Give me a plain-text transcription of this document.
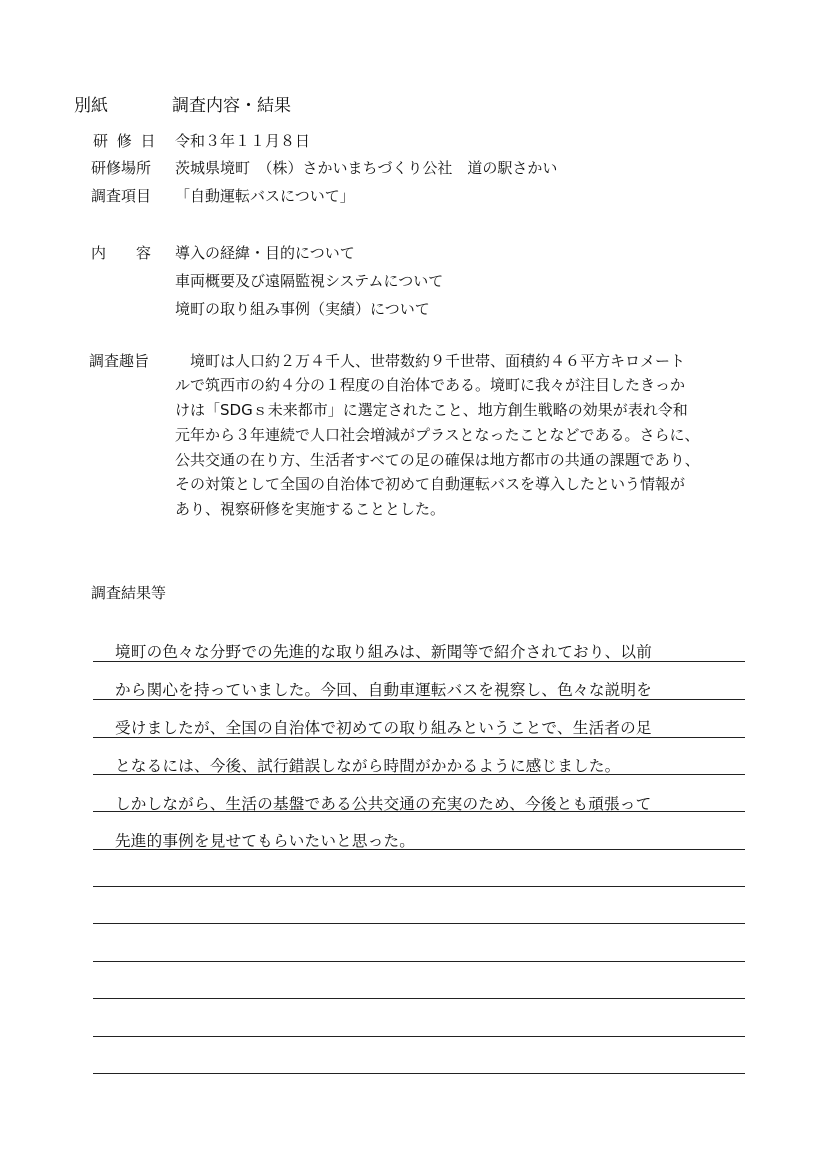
別紙	調査内容・結果
研 修 日 令和３年１１月８日
研修場所 茨城県境町　（株）さかいまちづくり公社　道の駅さかい
調査項目 「自動運転バスについて」
内　　容 導入の経緯・目的について
車両概要及び遠隔監視システムについて
境町の取り組み事例（実績）について
調査趣旨 　境町は人口約２万４千人、世帯数約９千世帯、面積約４６平方キロメート
ルで筑西市の約４分の１程度の自治体である。境町に我々が注目したきっか
けは「SDGｓ未来都市」に選定されたこと、地方創生戦略の効果が表れ令和
元年から３年連続で人口社会増減がプラスとなったことなどである。さらに、
公共交通の在り方、生活者すべての足の確保は地方都市の共通の課題であり、
その対策として全国の自治体で初めて自動運転バスを導入したという情報が
あり、視察研修を実施することとした。
調査結果等
境町の色々な分野での先進的な取り組みは、新聞等で紹介されており、以前
から関心を持っていました。今回、自動車運転バスを視察し、色々な説明を
受けましたが、全国の自治体で初めての取り組みということで、生活者の足
となるには、今後、試行錯誤しながら時間がかかるように感じました。
しかしながら、生活の基盤である公共交通の充実のため、今後とも頑張って
先進的事例を見せてもらいたいと思った。
